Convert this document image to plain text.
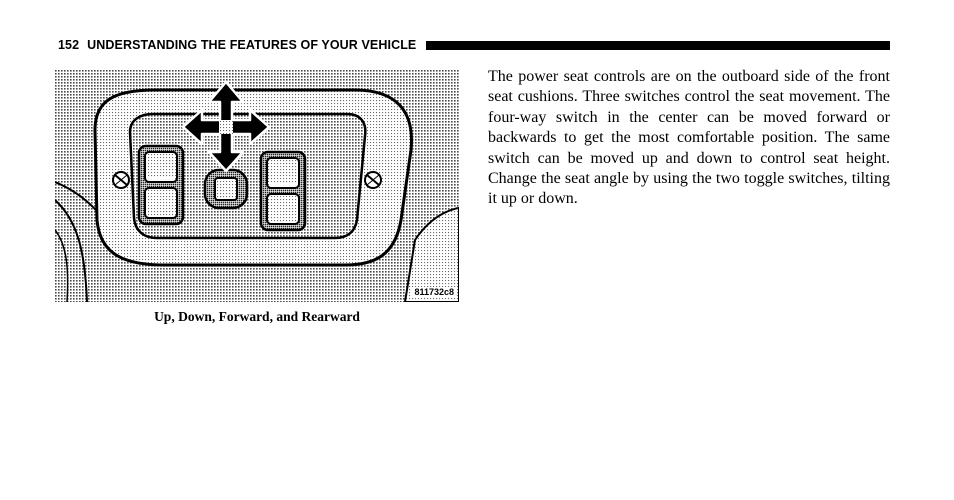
152 UNDERSTANDING THE FEATURES OF YOUR VEHICLE
811732c8
Up, Down, Forward, and Rearward

The power seat controls are on the outboard side of the front seat cushions. Three switches control the seat movement. The four-way switch in the center can be moved forward or backwards to get the most comfortable position. The same switch can be moved up and down to control seat height. Change the seat angle by using the two toggle switches, tilting it up or down.
